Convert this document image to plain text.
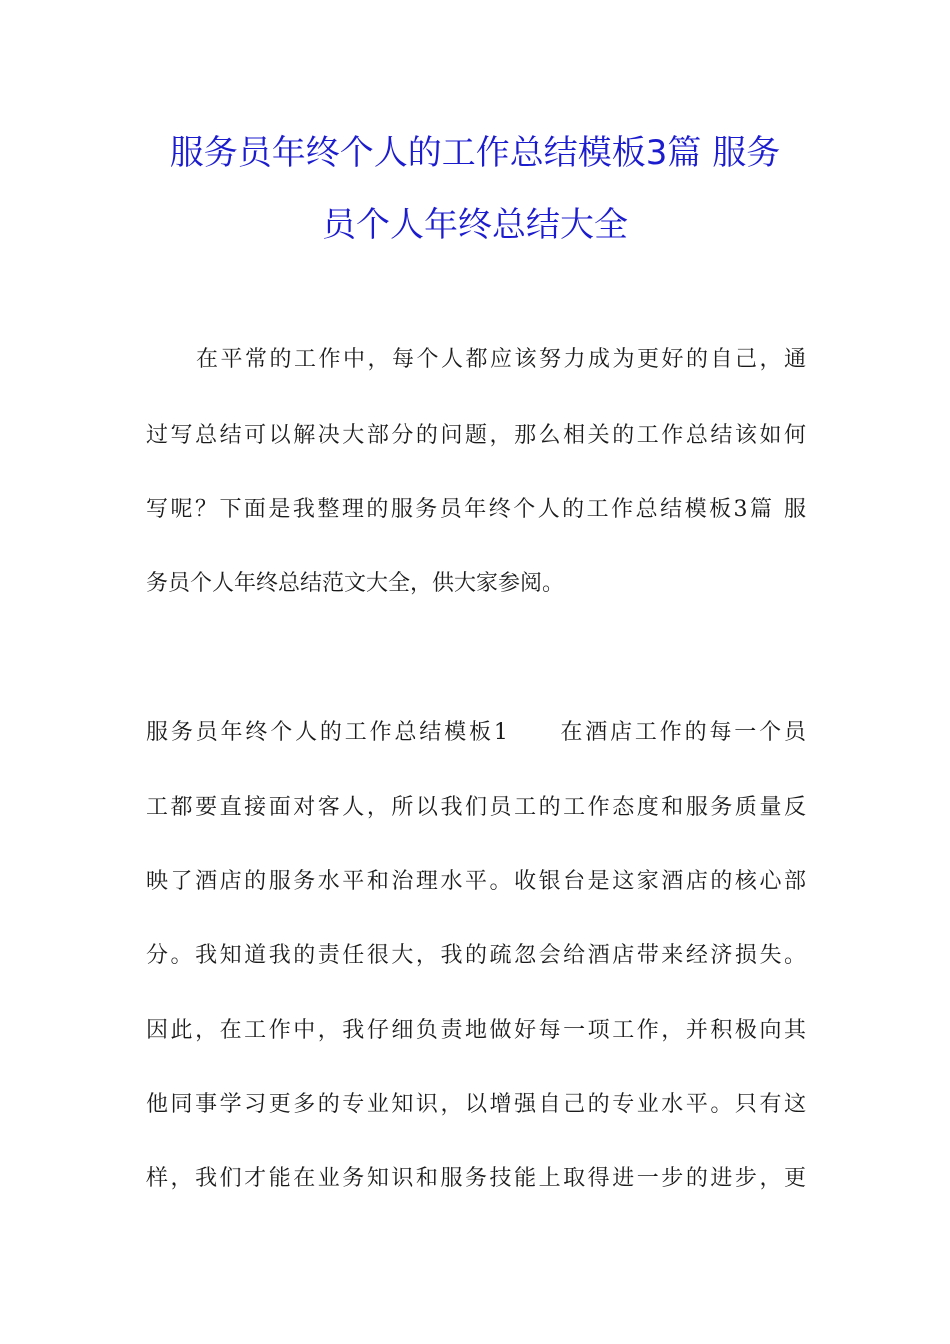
服务员年终个人的工作总结模板3篇 服务
员个人年终总结大全
在平常的工作中，每个人都应该努力成为更好的自己，通
过写总结可以解决大部分的问题，那么相关的工作总结该如何
写呢？下面是我整理的服务员年终个人的工作总结模板3篇 服
务员个人年终总结范文大全，供大家参阅。
服务员年终个人的工作总结模板1　　在酒店工作的每一个员
工都要直接面对客人，所以我们员工的工作态度和服务质量反
映了酒店的服务水平和治理水平。收银台是这家酒店的核心部
分。我知道我的责任很大，我的疏忽会给酒店带来经济损失。
因此，在工作中，我仔细负责地做好每一项工作，并积极向其
他同事学习更多的专业知识，以增强自己的专业水平。只有这
样，我们才能在业务知识和服务技能上取得进一步的进步，更
